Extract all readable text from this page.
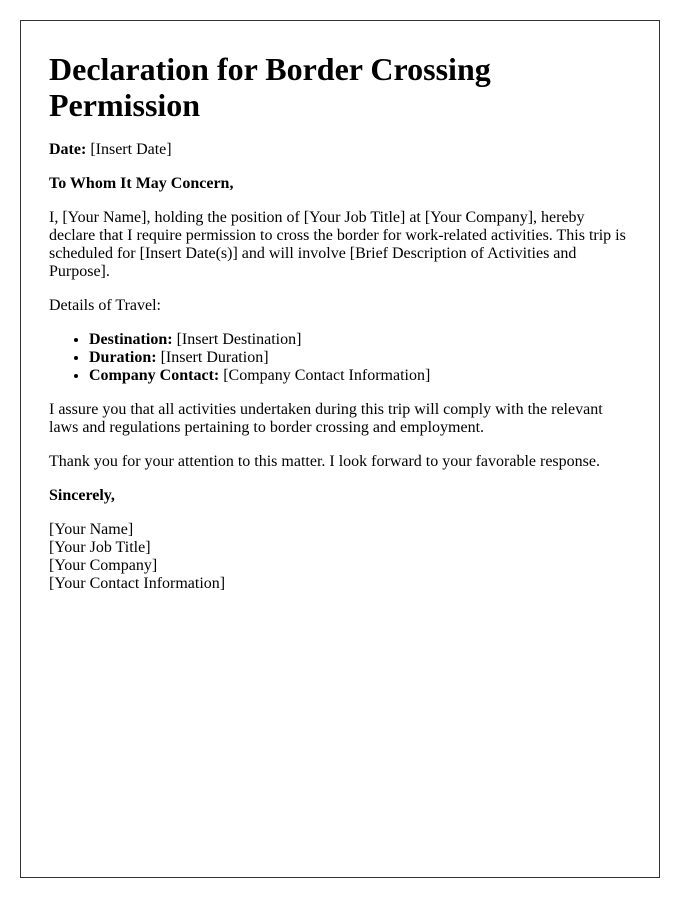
Declaration for Border Crossing Permission

Date: [Insert Date]

To Whom It May Concern,

I, [Your Name], holding the position of [Your Job Title] at [Your Company], hereby declare that I require permission to cross the border for work-related activities. This trip is scheduled for [Insert Date(s)] and will involve [Brief Description of Activities and Purpose].

Details of Travel:

• Destination: [Insert Destination]
• Duration: [Insert Duration]
• Company Contact: [Company Contact Information]

I assure you that all activities undertaken during this trip will comply with the relevant laws and regulations pertaining to border crossing and employment.

Thank you for your attention to this matter. I look forward to your favorable response.

Sincerely,

[Your Name]
[Your Job Title]
[Your Company]
[Your Contact Information]
